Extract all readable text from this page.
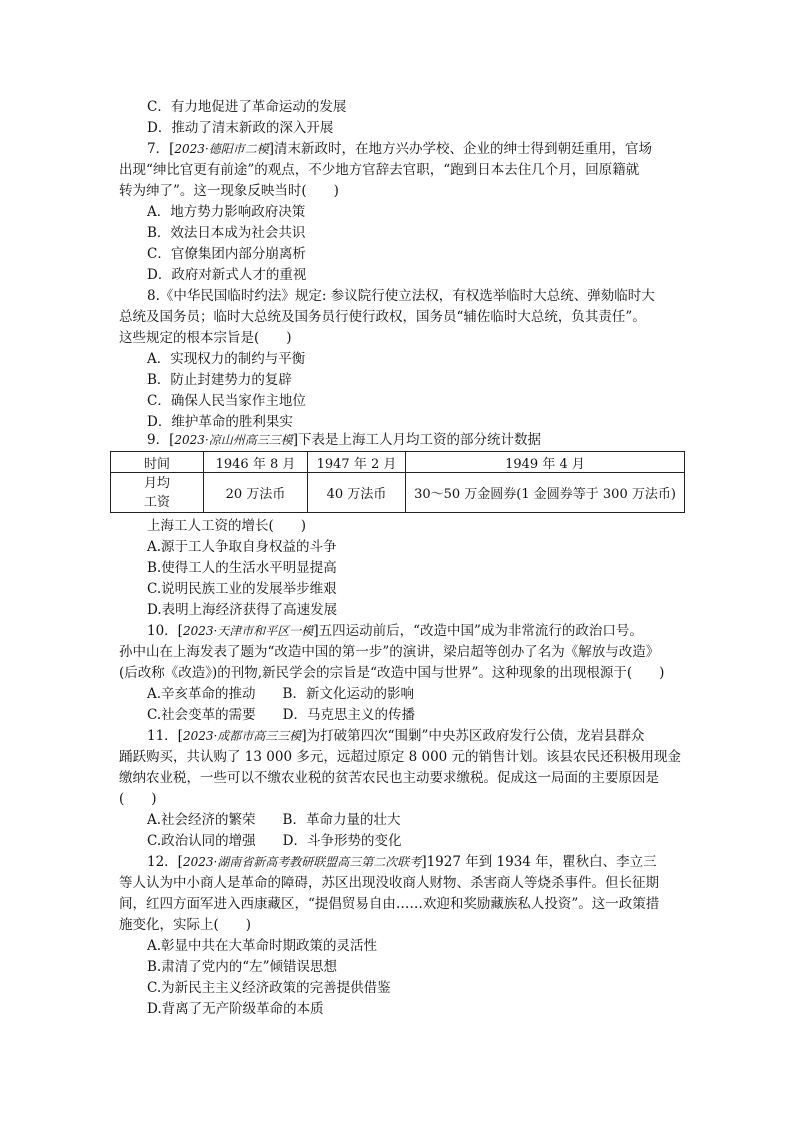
C．有力地促进了革命运动的发展
D．推动了清末新政的深入开展
7．[2023·德阳市二模]清末新政时，在地方兴办学校、企业的绅士得到朝廷重用，官场
出现“绅比官更有前途”的观点，不少地方官辞去官职，“跑到日本去住几个月，回原籍就
转为绅了”。这一现象反映当时(　　)
A．地方势力影响政府决策
B．效法日本成为社会共识
C．官僚集团内部分崩离析
D．政府对新式人才的重视
8.《中华民国临时约法》规定: 参议院行使立法权，有权选举临时大总统、弹劾临时大
总统及国务员；临时大总统及国务员行使行政权，国务员“辅佐临时大总统，负其责任”。
这些规定的根本宗旨是(　　)
A．实现权力的制约与平衡
B．防止封建势力的复辟
C．确保人民当家作主地位
D．维护革命的胜利果实
9．[2023·凉山州高三三模]下表是上海工人月均工资的部分统计数据
时间	1946 年 8 月	1947 年 2 月	1949 年 4 月

月均
工资	20 万法币	40 万法币	30～50 万金圆券(1 金圆券等于 300 万法币)
上海工人工资的增长(　　)
A.源于工人争取自身权益的斗争
B.使得工人的生活水平明显提高
C.说明民族工业的发展举步维艰
D.表明上海经济获得了高速发展
10．[2023·天津市和平区一模]五四运动前后，“改造中国”成为非常流行的政治口号。
孙中山在上海发表了题为“改造中国的第一步”的演讲，梁启超等创办了名为《解放与改造》
(后改称《改造》)的刊物,新民学会的宗旨是“改造中国与世界”。这种现象的出现根源于(　　)
A.辛亥革命的推动　　B．新文化运动的影响
C.社会变革的需要　　D．马克思主义的传播
11．[2023·成都市高三三模]为打破第四次“围剿”中央苏区政府发行公债，龙岩县群众
踊跃购买，共认购了 13 000 多元，远超过原定 8 000 元的销售计划。该县农民还积极用现金
缴纳农业税，一些可以不缴农业税的贫苦农民也主动要求缴税。促成这一局面的主要原因是
(　　)
A.社会经济的繁荣　　B．革命力量的壮大
C.政治认同的增强　　D．斗争形势的变化
12．[2023·湖南省新高考教研联盟高三第二次联考]1927 年到 1934 年，瞿秋白、李立三
等人认为中小商人是革命的障碍，苏区出现没收商人财物、杀害商人等烧杀事件。但长征期
间，红四方面军进入西康藏区，“提倡贸易自由……欢迎和奖励藏族私人投资”。这一政策措
施变化，实际上(　　)
A.彰显中共在大革命时期政策的灵活性
B.肃清了党内的“左”倾错误思想
C.为新民主主义经济政策的完善提供借鉴
D.背离了无产阶级革命的本质
